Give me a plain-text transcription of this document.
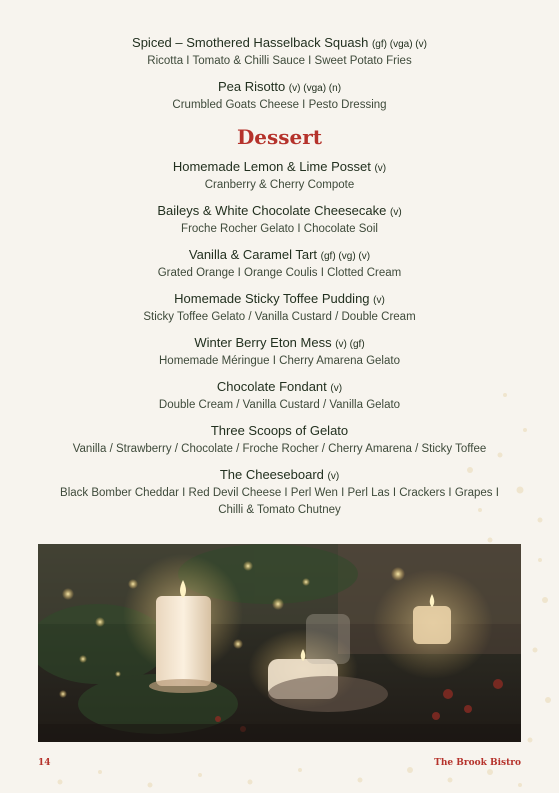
Spiced – Smothered Hasselback Squash (gf) (vga) (v)
Ricotta I Tomato & Chilli Sauce I Sweet Potato Fries
Pea Risotto (v) (vga) (n)
Crumbled Goats Cheese I Pesto Dressing
Dessert
Homemade Lemon & Lime Posset (v)
Cranberry & Cherry Compote
Baileys & White Chocolate Cheesecake (v)
Froche Rocher Gelato I Chocolate Soil
Vanilla & Caramel Tart (gf) (vg) (v)
Grated Orange I Orange Coulis I Clotted Cream
Homemade Sticky Toffee Pudding (v)
Sticky Toffee Gelato / Vanilla Custard / Double Cream
Winter Berry Eton Mess (v) (gf)
Homemade Méringue I Cherry Amarena Gelato
Chocolate Fondant (v)
Double Cream / Vanilla Custard / Vanilla Gelato
Three Scoops of Gelato
Vanilla / Strawberry / Chocolate / Froche Rocher / Cherry Amarena / Sticky Toffee
The Cheeseboard (v)
Black Bomber Cheddar I Red Devil Cheese I Perl Wen I Perl Las I Crackers I Grapes I Chilli & Tomato Chutney
14	The Brook Bistro
